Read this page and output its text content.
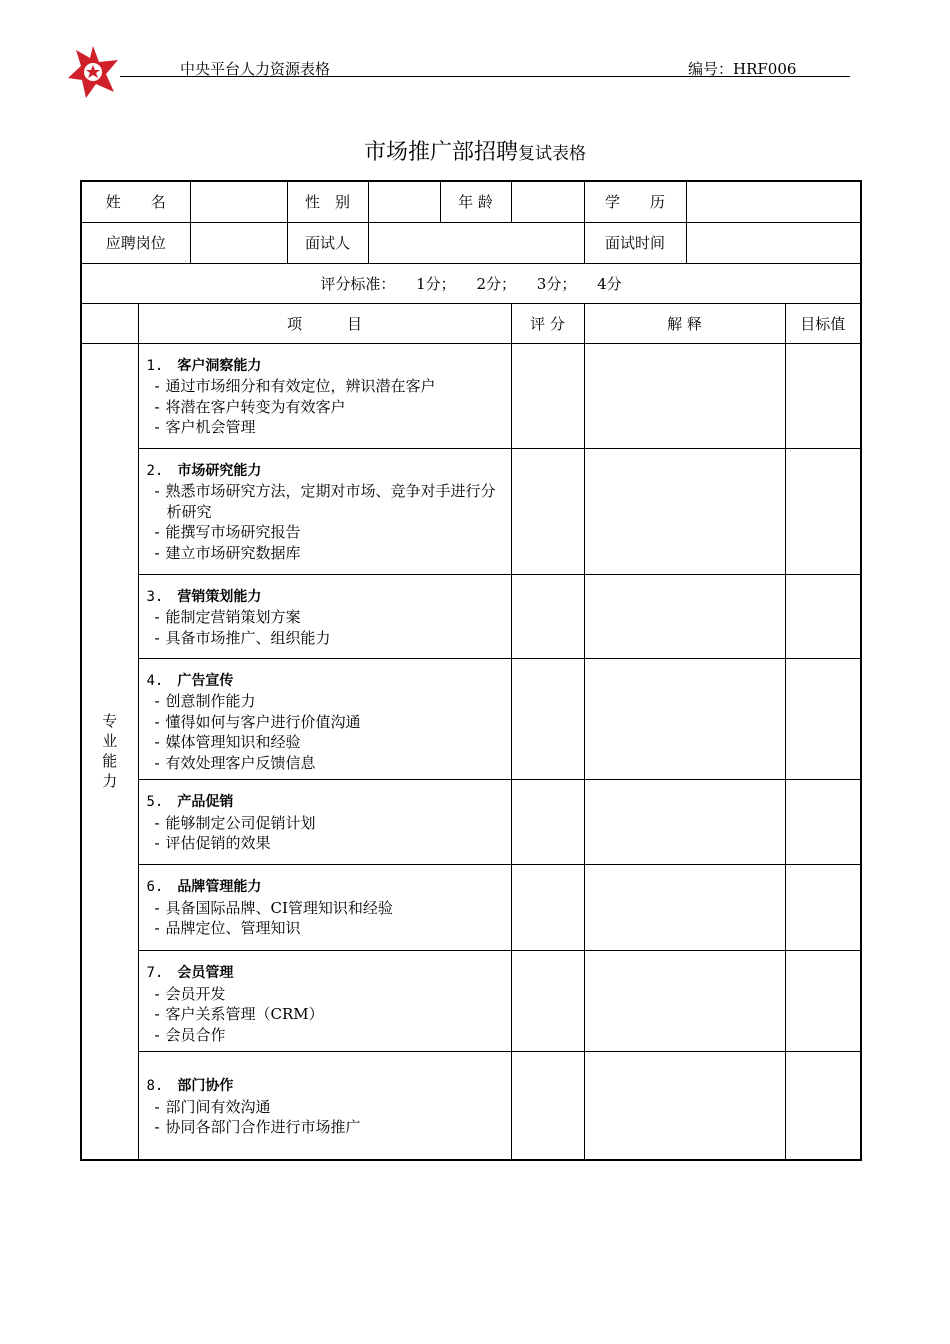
中央平台人力资源表格	编号：HRF006
市场推广部招聘复试表格
姓　　名			性　别		年 龄		学　　历		
应聘岗位			面试人				面试时间		
评分标准： 1分； 2分； 3分； 4分									
	项　　　目					评 分	解 释		目标值
专业能力	1. 客户洞察能力
- 通过市场细分和有效定位，辨识潜在客户
- 将潜在客户转变为有效客户
- 客户机会管理								

	2. 市场研究能力
- 熟悉市场研究方法，定期对市场、竞争对手进行分析研究
- 能撰写市场研究报告
- 建立市场研究数据库								

	3. 营销策划能力
- 能制定营销策划方案
- 具备市场推广、组织能力								

	4. 广告宣传
- 创意制作能力
- 懂得如何与客户进行价值沟通
- 媒体管理知识和经验
- 有效处理客户反馈信息								

	5. 产品促销
- 能够制定公司促销计划
- 评估促销的效果								

	6. 品牌管理能力
- 具备国际品牌、CI管理知识和经验
- 品牌定位、管理知识								

	7. 会员管理
- 会员开发
- 客户关系管理（CRM）
- 会员合作								

	8. 部门协作
- 部门间有效沟通
- 协同各部门合作进行市场推广								
